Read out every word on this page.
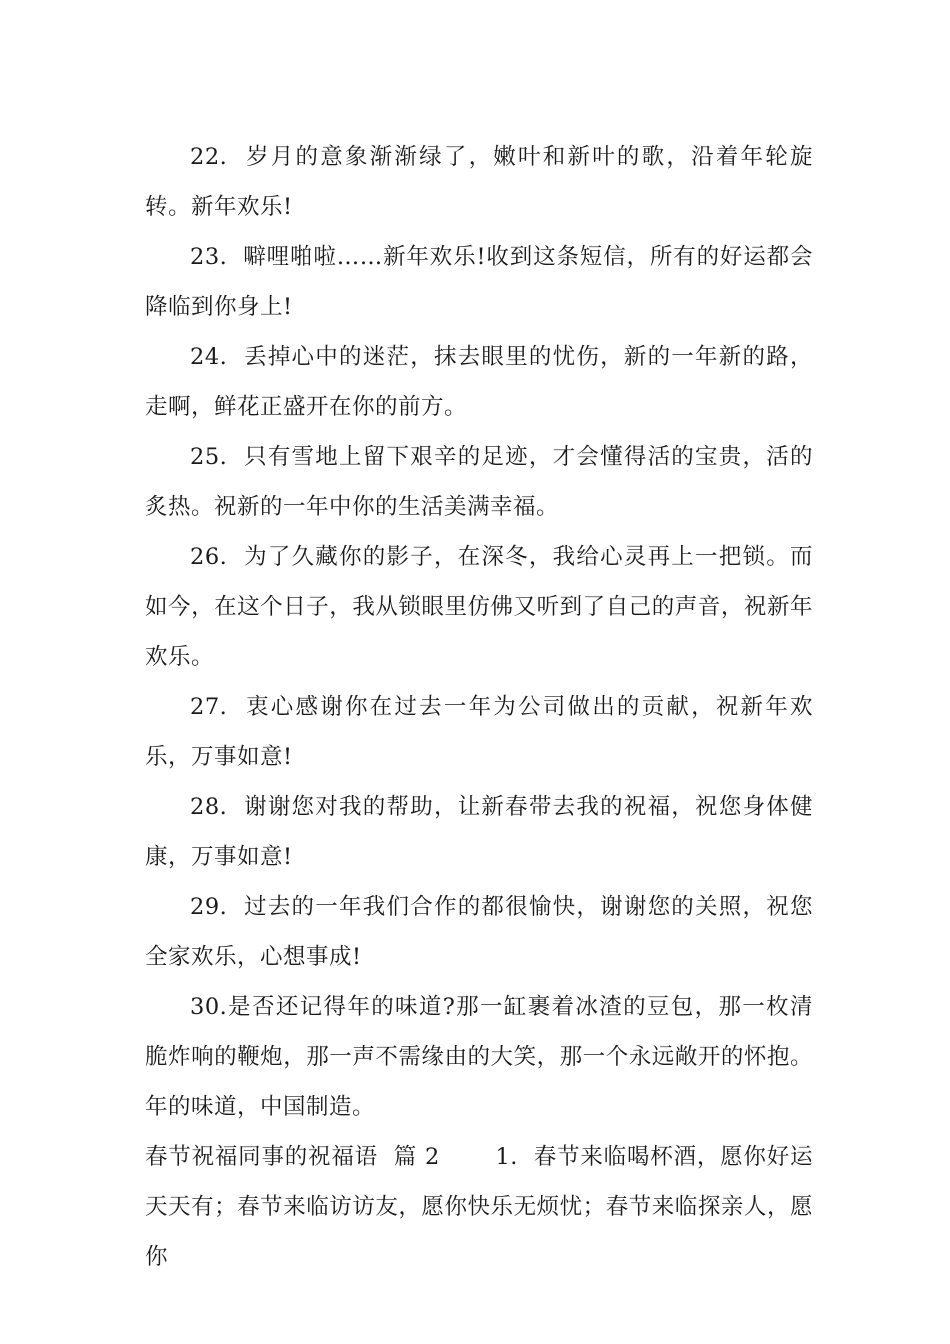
22. 岁月的意象渐渐绿了，嫩叶和新叶的歌，沿着年轮旋转。新年欢乐!

23. 噼哩啪啦……新年欢乐!收到这条短信，所有的好运都会降临到你身上!

24. 丢掉心中的迷茫，抹去眼里的忧伤，新的一年新的路，走啊，鲜花正盛开在你的前方。

25. 只有雪地上留下艰辛的足迹，才会懂得活的宝贵，活的炙热。祝新的一年中你的生活美满幸福。

26. 为了久藏你的影子，在深冬，我给心灵再上一把锁。而如今，在这个日子，我从锁眼里仿佛又听到了自己的声音，祝新年欢乐。

27. 衷心感谢你在过去一年为公司做出的贡献，祝新年欢乐，万事如意!

28. 谢谢您对我的帮助，让新春带去我的祝福，祝您身体健康，万事如意!

29. 过去的一年我们合作的都很愉快，谢谢您的关照，祝您全家欢乐，心想事成!

30.是否还记得年的味道?那一缸裹着冰渣的豆包，那一枚清脆炸响的鞭炮，那一声不需缘由的大笑，那一个永远敞开的怀抱。年的味道，中国制造。

春节祝福同事的祝福语 篇 2 1. 春节来临喝杯酒，愿你好运天天有；春节来临访访友，愿你快乐无烦忧；春节来临探亲人，愿你
